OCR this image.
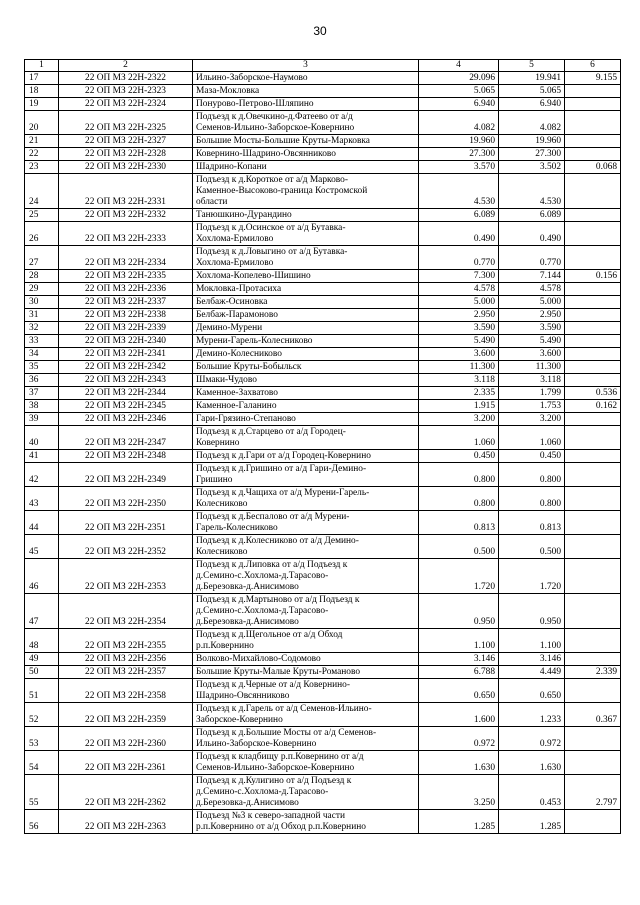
30
1	2	3	4	5	6
17	22 ОП МЗ 22Н-2322	Ильино-Заборское-Наумово	29.096	19.941	9.155
18	22 ОП МЗ 22Н-2323	Маза-Мокловка	5.065	5.065	
19	22 ОП МЗ 22Н-2324	Понурово-Петрово-Шляпино	6.940	6.940	
20	22 ОП МЗ 22Н-2325	Подъезд к д.Овечкино-д.Фатеево от а/д
Семенов-Ильино-Заборское-Ковернино	4.082	4.082	
21	22 ОП МЗ 22Н-2327	Большие Мосты-Большие Круты-Марковка	19.960	19.960	
22	22 ОП МЗ 22Н-2328	Ковернино-Шадрино-Овсянниково	27.300	27.300	
23	22 ОП МЗ 22Н-2330	Шадрино-Копани	3.570	3.502	0.068
24	22 ОП МЗ 22Н-2331	Подъезд к д.Короткое от а/д Марково-
Каменное-Высоково-граница Костромской
области	4.530	4.530	
25	22 ОП МЗ 22Н-2332	Танюшкино-Дурандино	6.089	6.089	
26	22 ОП МЗ 22Н-2333	Подъезд к д.Осинское от а/д Бутавка-
Хохлома-Ермилово	0.490	0.490	
27	22 ОП МЗ 22Н-2334	Подъезд к д.Ловыгино от а/д Бутавка-
Хохлома-Ермилово	0.770	0.770	
28	22 ОП МЗ 22Н-2335	Хохлома-Копелево-Шишино	7.300	7.144	0.156
29	22 ОП МЗ 22Н-2336	Мокловка-Протасиха	4.578	4.578	
30	22 ОП МЗ 22Н-2337	Белбаж-Осиновка	5.000	5.000	
31	22 ОП МЗ 22Н-2338	Белбаж-Парамоново	2.950	2.950	
32	22 ОП МЗ 22Н-2339	Демино-Мурени	3.590	3.590	
33	22 ОП МЗ 22Н-2340	Мурени-Гарель-Колесниково	5.490	5.490	
34	22 ОП МЗ 22Н-2341	Демино-Колесниково	3.600	3.600	
35	22 ОП МЗ 22Н-2342	Большие Круты-Бобыльск	11.300	11.300	
36	22 ОП МЗ 22Н-2343	Шмаки-Чудово	3.118	3.118	
37	22 ОП МЗ 22Н-2344	Каменное-Захватово	2.335	1.799	0.536
38	22 ОП МЗ 22Н-2345	Каменное-Галанино	1.915	1.753	0.162
39	22 ОП МЗ 22Н-2346	Гари-Грязино-Степаново	3.200	3.200	
40	22 ОП МЗ 22Н-2347	Подъезд к д.Старцево от а/д Городец-
Ковернино	1.060	1.060	
41	22 ОП МЗ 22Н-2348	Подъезд к д.Гари от а/д Городец-Ковернино	0.450	0.450	
42	22 ОП МЗ 22Н-2349	Подъезд к д.Гришино от а/д Гари-Демино-
Гришино	0.800	0.800	
43	22 ОП МЗ 22Н-2350	Подъезд к д.Чащиха от а/д Мурени-Гарель-
Колесниково	0.800	0.800	
44	22 ОП МЗ 22Н-2351	Подъезд к д.Беспалово от а/д Мурени-
Гарель-Колесниково	0.813	0.813	
45	22 ОП МЗ 22Н-2352	Подъезд к д.Колесниково от а/д Демино-
Колесниково	0.500	0.500	
46	22 ОП МЗ 22Н-2353	Подъезд к д.Липовка от а/д Подъезд к
д.Семино-с.Хохлома-д.Тарасово-
д.Березовка-д.Анисимово	1.720	1.720	
47	22 ОП МЗ 22Н-2354	Подъезд к д.Мартыново от а/д Подъезд к
д.Семино-с.Хохлома-д.Тарасово-
д.Березовка-д.Анисимово	0.950	0.950	
48	22 ОП МЗ 22Н-2355	Подъезд к д.Щегольное от а/д Обход
р.п.Ковернино	1.100	1.100	
49	22 ОП МЗ 22Н-2356	Волково-Михайлово-Содомово	3.146	3.146	
50	22 ОП МЗ 22Н-2357	Большие Круты-Малые Круты-Романово	6.788	4.449	2.339
51	22 ОП МЗ 22Н-2358	Подъезд к д.Черные от а/д Ковернино-
Шадрино-Овсянниково	0.650	0.650	
52	22 ОП МЗ 22Н-2359	Подъезд к д.Гарель от а/д Семенов-Ильино-
Заборское-Ковернино	1.600	1.233	0.367
53	22 ОП МЗ 22Н-2360	Подъезд к д.Большие Мосты от а/д Семенов-
Ильино-Заборское-Ковернино	0.972	0.972	
54	22 ОП МЗ 22Н-2361	Подъезд к кладбищу р.п.Ковернино от а/д
Семенов-Ильино-Заборское-Ковернино	1.630	1.630	
55	22 ОП МЗ 22Н-2362	Подъезд к д.Кулигино от а/д Подъезд к
д.Семино-с.Хохлома-д.Тарасово-
д.Березовка-д.Анисимово	3.250	0.453	2.797
56	22 ОП МЗ 22Н-2363	Подъезд №3 к северо-западной части
р.п.Ковернино от а/д Обход р.п.Ковернино	1.285	1.285	
